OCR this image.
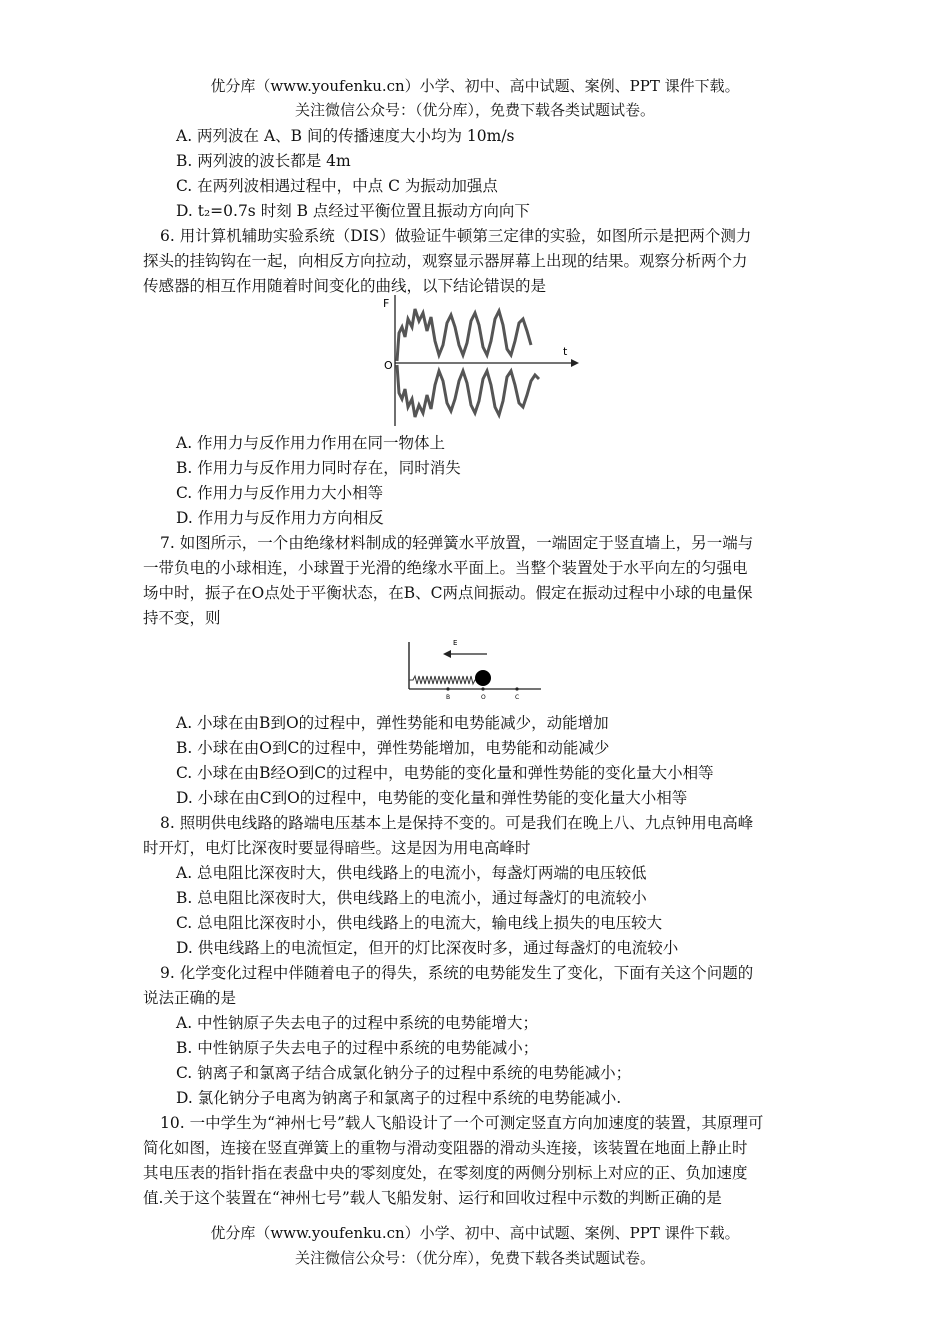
优分库（www.youfenku.cn）小学、初中、高中试题、案例、PPT 课件下载。
关注微信公众号：（优分库），免费下载各类试题试卷。
A. 两列波在 A、B 间的传播速度大小均为 10m/s
B. 两列波的波长都是 4m
C. 在两列波相遇过程中，中点 C 为振动加强点
D. t₂=0.7s 时刻 B 点经过平衡位置且振动方向向下
6. 用计算机辅助实验系统（DIS）做验证牛顿第三定律的实验，如图所示是把两个测力
探头的挂钩钩在一起，向相反方向拉动，观察显示器屏幕上出现的结果。观察分析两个力
传感器的相互作用随着时间变化的曲线，以下结论错误的是
F
t
O
A. 作用力与反作用力作用在同一物体上
B. 作用力与反作用力同时存在，同时消失
C. 作用力与反作用力大小相等
D. 作用力与反作用力方向相反
7. 如图所示，一个由绝缘材料制成的轻弹簧水平放置，一端固定于竖直墙上，另一端与
一带负电的小球相连，小球置于光滑的绝缘水平面上。当整个装置处于水平向左的匀强电
场中时，振子在O点处于平衡状态，在B、C两点间振动。假定在振动过程中小球的电量保
持不变，则
E
B	O	C
A. 小球在由B到O的过程中，弹性势能和电势能减少，动能增加
B. 小球在由O到C的过程中，弹性势能增加，电势能和动能减少
C. 小球在由B经O到C的过程中，电势能的变化量和弹性势能的变化量大小相等
D. 小球在由C到O的过程中，电势能的变化量和弹性势能的变化量大小相等
8. 照明供电线路的路端电压基本上是保持不变的。可是我们在晚上八、九点钟用电高峰
时开灯，电灯比深夜时要显得暗些。这是因为用电高峰时
A. 总电阻比深夜时大，供电线路上的电流小，每盏灯两端的电压较低
B. 总电阻比深夜时大，供电线路上的电流小，通过每盏灯的电流较小
C. 总电阻比深夜时小，供电线路上的电流大，输电线上损失的电压较大
D. 供电线路上的电流恒定，但开的灯比深夜时多，通过每盏灯的电流较小
9. 化学变化过程中伴随着电子的得失，系统的电势能发生了变化，下面有关这个问题的
说法正确的是
A. 中性钠原子失去电子的过程中系统的电势能增大；
B. 中性钠原子失去电子的过程中系统的电势能减小；
C. 钠离子和氯离子结合成氯化钠分子的过程中系统的电势能减小；
D. 氯化钠分子电离为钠离子和氯离子的过程中系统的电势能减小.
10. 一中学生为“神州七号”载人飞船设计了一个可测定竖直方向加速度的装置，其原理可
简化如图，连接在竖直弹簧上的重物与滑动变阻器的滑动头连接，该装置在地面上静止时
其电压表的指针指在表盘中央的零刻度处，在零刻度的两侧分别标上对应的正、负加速度
值.关于这个装置在“神州七号”载人飞船发射、运行和回收过程中示数的判断正确的是
优分库（www.youfenku.cn）小学、初中、高中试题、案例、PPT 课件下载。
关注微信公众号：（优分库），免费下载各类试题试卷。
